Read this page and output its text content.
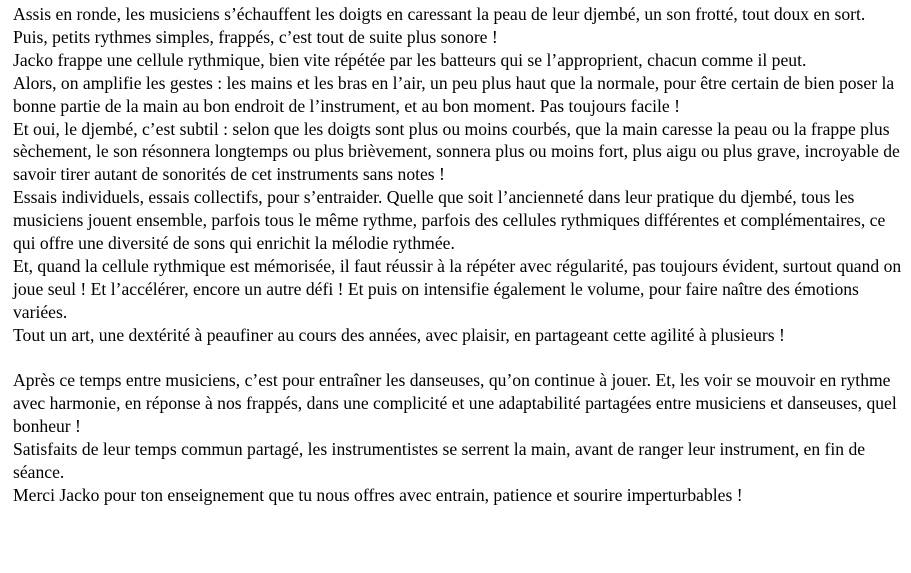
Assis en ronde, les musiciens s’échauffent les doigts en caressant la peau de leur djembé, un son frotté, tout doux en sort.

Puis, petits rythmes simples, frappés, c’est tout de suite plus sonore !

Jacko frappe une cellule rythmique, bien vite répétée par les batteurs qui se l’approprient, chacun comme il peut.

Alors, on amplifie les gestes : les mains et les bras en l’air, un peu plus haut que la normale, pour être certain de bien poser la bonne partie de la main au bon endroit de l’instrument, et au bon moment. Pas toujours facile !

Et oui, le djembé, c’est subtil : selon que les doigts sont plus ou moins courbés, que la main caresse la peau ou la frappe plus sèchement, le son résonnera longtemps ou plus brièvement, sonnera plus ou moins fort, plus aigu ou plus grave, incroyable de savoir tirer autant de sonorités de cet instruments sans notes !

Essais individuels, essais collectifs, pour s’entraider. Quelle que soit l’ancienneté dans leur pratique du djembé, tous les musiciens jouent ensemble, parfois tous le même rythme, parfois des cellules rythmiques différentes et complémentaires, ce qui offre une diversité de sons qui enrichit la mélodie rythmée.

Et, quand la cellule rythmique est mémorisée, il faut réussir à la répéter avec régularité, pas toujours évident, surtout quand on joue seul ! Et l’accélérer, encore un autre défi ! Et puis on intensifie également le volume, pour faire naître des émotions variées.

Tout un art, une dextérité à peaufiner au cours des années, avec plaisir, en partageant cette agilité à plusieurs !

Après ce temps entre musiciens, c’est pour entraîner les danseuses, qu’on continue à jouer. Et, les voir se mouvoir en rythme avec harmonie, en réponse à nos frappés, dans une complicité et une adaptabilité partagées entre musiciens et danseuses, quel bonheur !

Satisfaits de leur temps commun partagé, les instrumentistes se serrent la main, avant de ranger leur instrument, en fin de séance.

Merci Jacko pour ton enseignement que tu nous offres avec entrain, patience et sourire imperturbables !
